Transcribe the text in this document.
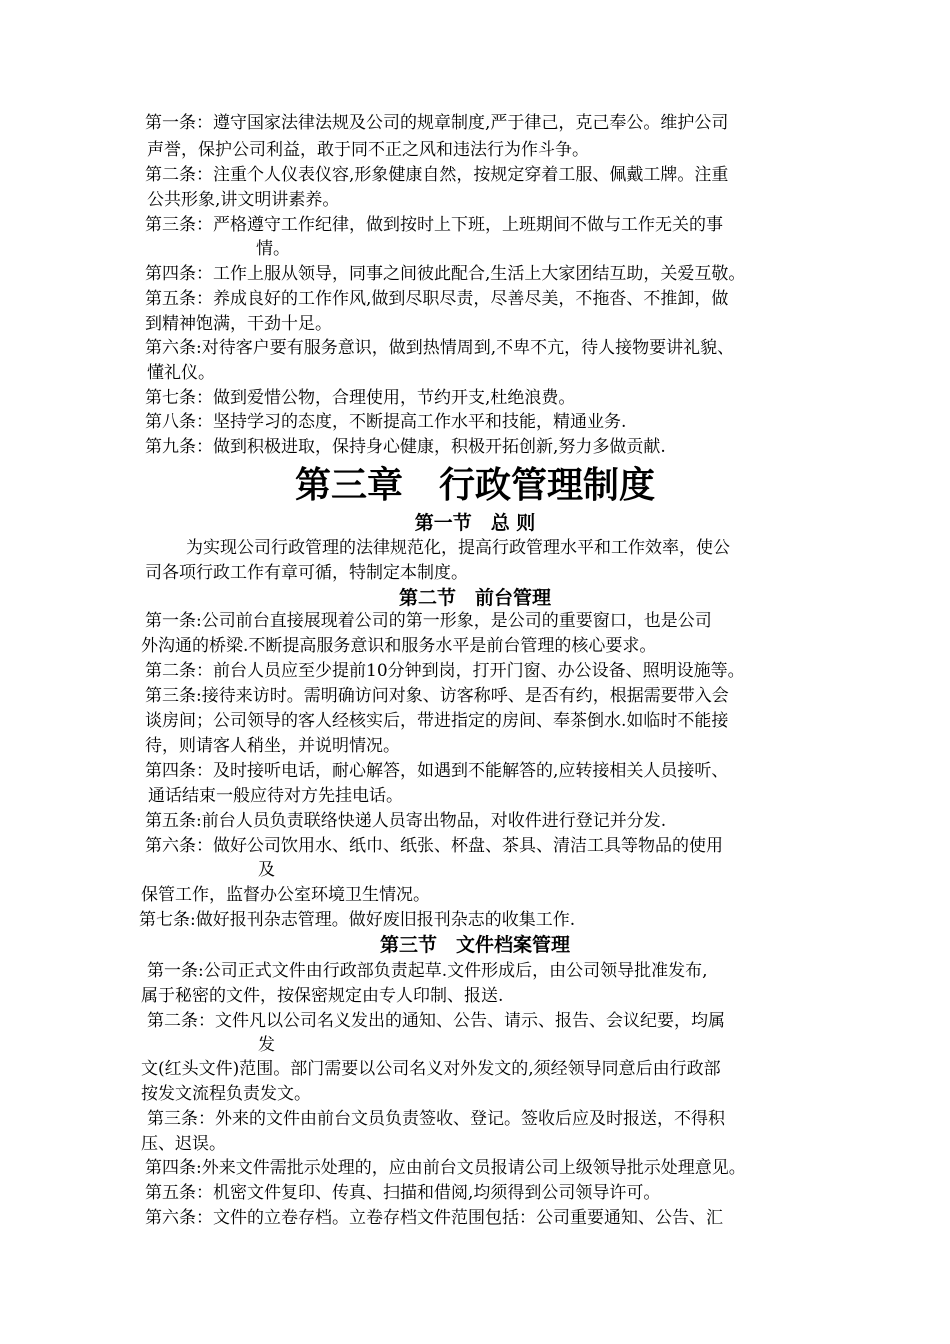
第一条：遵守国家法律法规及公司的规章制度,严于律己，克己奉公。维护公司
声誉，保护公司利益，敢于同不正之风和违法行为作斗争。
第二条：注重个人仪表仪容,形象健康自然，按规定穿着工服、佩戴工牌。注重
公共形象,讲文明讲素养。
第三条：严格遵守工作纪律，做到按时上下班，上班期间不做与工作无关的事
情。
第四条：工作上服从领导，同事之间彼此配合,生活上大家团结互助，关爱互敬。
第五条：养成良好的工作作风,做到尽职尽责，尽善尽美，不拖沓、不推卸，做
到精神饱满，干劲十足。
第六条:对待客户要有服务意识，做到热情周到,不卑不亢，待人接物要讲礼貌、
懂礼仪。
第七条：做到爱惜公物，合理使用，节约开支,杜绝浪费。
第八条：坚持学习的态度，不断提高工作水平和技能，精通业务.
第九条：做到积极进取，保持身心健康，积极开拓创新,努力多做贡献.
第三章　行政管理制度
第一节　总 则
为实现公司行政管理的法律规范化，提高行政管理水平和工作效率，使公
司各项行政工作有章可循，特制定本制度。
第二节　前台管理
第一条:公司前台直接展现着公司的第一形象，是公司的重要窗口，也是公司
外沟通的桥梁.不断提高服务意识和服务水平是前台管理的核心要求。
第二条：前台人员应至少提前10分钟到岗，打开门窗、办公设备、照明设施等。
第三条:接待来访时。需明确访问对象、访客称呼、是否有约，根据需要带入会
谈房间；公司领导的客人经核实后，带进指定的房间、奉茶倒水.如临时不能接
待，则请客人稍坐，并说明情况。
第四条：及时接听电话，耐心解答，如遇到不能解答的,应转接相关人员接听、
通话结束一般应待对方先挂电话。
第五条:前台人员负责联络快递人员寄出物品，对收件进行登记并分发.
第六条：做好公司饮用水、纸巾、纸张、杯盘、茶具、清洁工具等物品的使用
及
保管工作，监督办公室环境卫生情况。
第七条:做好报刊杂志管理。做好废旧报刊杂志的收集工作.
第三节　文件档案管理
第一条:公司正式文件由行政部负责起草.文件形成后，由公司领导批准发布,
属于秘密的文件，按保密规定由专人印制、报送.
第二条：文件凡以公司名义发出的通知、公告、请示、报告、会议纪要，均属
发
文(红头文件)范围。部门需要以公司名义对外发文的,须经领导同意后由行政部
按发文流程负责发文。
第三条：外来的文件由前台文员负责签收、登记。签收后应及时报送，不得积
压、迟误。
第四条:外来文件需批示处理的，应由前台文员报请公司上级领导批示处理意见。
第五条：机密文件复印、传真、扫描和借阅,均须得到公司领导许可。
第六条：文件的立卷存档。立卷存档文件范围包括：公司重要通知、公告、汇
